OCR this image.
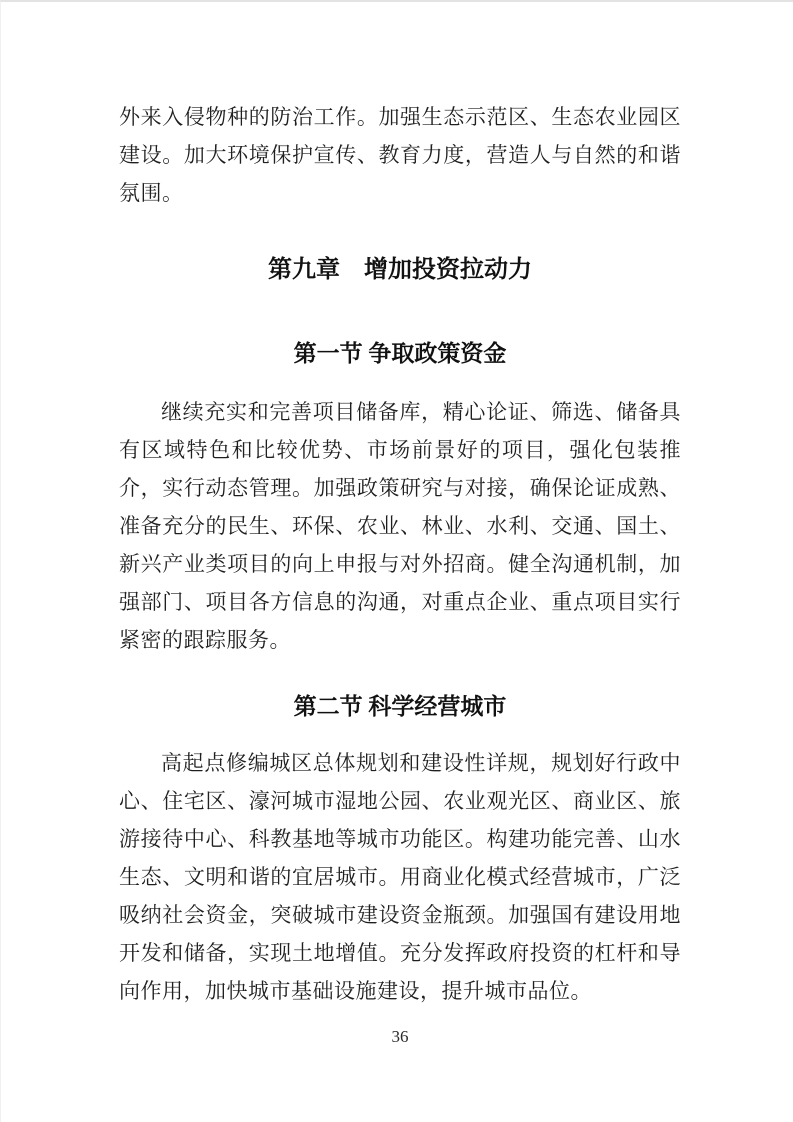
外来入侵物种的防治工作。加强生态示范区、生态农业园区建设。加大环境保护宣传、教育力度，营造人与自然的和谐氛围。

第九章　增加投资拉动力
第一节 争取政策资金

继续充实和完善项目储备库，精心论证、筛选、储备具有区域特色和比较优势、市场前景好的项目，强化包装推介，实行动态管理。加强政策研究与对接，确保论证成熟、准备充分的民生、环保、农业、林业、水利、交通、国土、新兴产业类项目的向上申报与对外招商。健全沟通机制，加强部门、项目各方信息的沟通，对重点企业、重点项目实行紧密的跟踪服务。

第二节 科学经营城市

高起点修编城区总体规划和建设性详规，规划好行政中心、住宅区、濠河城市湿地公园、农业观光区、商业区、旅游接待中心、科教基地等城市功能区。构建功能完善、山水生态、文明和谐的宜居城市。用商业化模式经营城市，广泛吸纳社会资金，突破城市建设资金瓶颈。加强国有建设用地开发和储备，实现土地增值。充分发挥政府投资的杠杆和导向作用，加快城市基础设施建设，提升城市品位。

36
